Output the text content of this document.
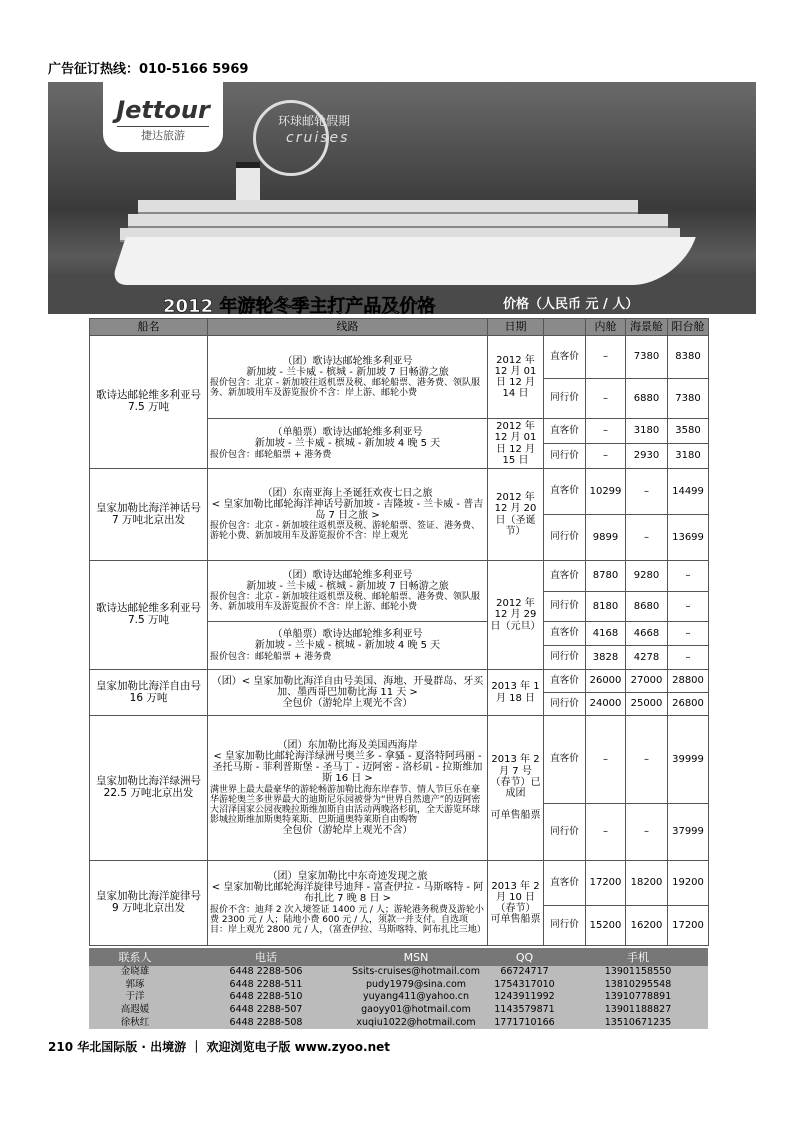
广告征订热线：010-5166 5969
Jettour
捷达旅游
环球邮轮假期
cruises
2012 年游轮冬季主打产品及价格	价格（人民币 元 / 人）
船名	线路	日期		内舱	海景舱	阳台舱
歌诗达邮轮维多利亚号7.5 万吨	（团）歌诗达邮轮维多利亚号
新加坡 - 兰卡威 - 槟城 - 新加坡 7 日畅游之旅
报价包含：北京 - 新加坡往返机票及税、邮轮船票、港务费、领队服务、新加坡用车及游览报价不含：岸上游、邮轮小费	2012 年 12 月 01 日 12 月 14 日	直客价	–	7380	8380
			同行价	–	6880	7380

	（单船票）歌诗达邮轮维多利亚号
新加坡 - 兰卡威 - 槟城 - 新加坡 4 晚 5 天
报价包含：邮轮船票 + 港务费	2012 年 12 月 01 日 12 月 15 日	直客价	–	3180	3580
			同行价	–	2930	3180
皇家加勒比海洋神话号 7 万吨北京出发	（团）东南亚海上圣诞狂欢夜七日之旅
< 皇家加勒比邮轮海洋神话号新加坡 - 吉隆坡 - 兰卡威 - 普吉岛 7 日之旅 >
报价包含：北京 - 新加坡往返机票及税、游轮船票、签证、港务费、游轮小费、新加坡用车及游览报价不含：岸上观光	2012 年 12 月 20 日（圣诞节）	直客价	10299	–	14499
			同行价	9899	–	13699
歌诗达邮轮维多利亚号7.5 万吨	（团）歌诗达邮轮维多利亚号
新加坡 - 兰卡威 - 槟城 - 新加坡 7 日畅游之旅
报价包含：北京 - 新加坡往返机票及税、邮轮船票、港务费、领队服务、新加坡用车及游览报价不含：岸上游、邮轮小费	2012 年 12 月 29 日（元旦）	直客价	8780	9280	–
			同行价	8180	8680	–

	（单船票）歌诗达邮轮维多利亚号
新加坡 - 兰卡威 - 槟城 - 新加坡 4 晚 5 天
报价包含：邮轮船票 + 港务费		直客价	4168	4668	–
			同行价	3828	4278	–
皇家加勒比海洋自由号 16 万吨	（团）< 皇家加勒比海洋自由号美国、海地、开曼群岛、牙买加、墨西哥巴加勒比海 11 天 >
全包价（游轮岸上观光不含）	2013 年 1 月 18 日	直客价	26000	27000	28800
			同行价	24000	25000	26800
皇家加勒比海洋绿洲号 22.5 万吨北京出发	（团）东加勒比海及美国西海岸
< 皇家加勒比邮轮海洋绿洲号奥兰多 - 拿骚 - 夏洛特阿玛丽 - 圣托马斯 - 菲利普斯堡 - 圣马丁 - 迈阿密 - 洛杉矶 - 拉斯维加斯 16 日 >
满世界上最大最豪华的游轮畅游加勒比海东岸春节、情人节巨乐在豪华游轮奥兰多世界最大的迪斯尼乐园被誉为“世界自然遗产”的迈阿密大沼泽国家公园夜晚拉斯维加斯自由活动两晚洛杉矶，全天游览环球影城拉斯维加斯奥特莱斯、巴斯通奥特莱斯自由购物
全包价（游轮岸上观光不含）	2013 年 2 月 7 号（春节）已成团

可单售船票	直客价	–	–	39999
			同行价	–	–	37999
皇家加勒比海洋旋律号 9 万吨北京出发	（团）皇家加勒比中东奇迹发现之旅
< 皇家加勒比邮轮海洋旋律号迪拜 - 富查伊拉 - 马斯喀特 - 阿布扎比 7 晚 8 日 >
报价不含：迪拜 2 次入境签证 1400 元 / 人；游轮港务税费及游轮小费 2300 元 / 人；陆地小费 600 元 / 人，须款一并支付。自选项目：岸上观光 2800 元 / 人，（富查伊拉、马斯喀特、阿布扎比三地）	2013 年 2 月 10 日（春节）
可单售船票	直客价	17200	18200	19200
			同行价	15200	16200	17200
联系人	电话	MSN	QQ	手机
金晓雄	6448 2288-506	Ssits-cruises@hotmail.com	66724717	13901158550
郭琢	6448 2288-511	pudy1979@sina.com	1754317010	13810295548
于洋	6448 2288-510	yuyang411@yahoo.cn	1243911992	13910778891
高遐媛	6448 2288-507	gaoyy01@hotmail.com	1143579871	13901188827
徐秋红	6448 2288-508	xuqiu1022@hotmail.com	1771710166	13510671235
210 华北国际版 · 出境游 ｜ 欢迎浏览电子版 www.zyoo.net
